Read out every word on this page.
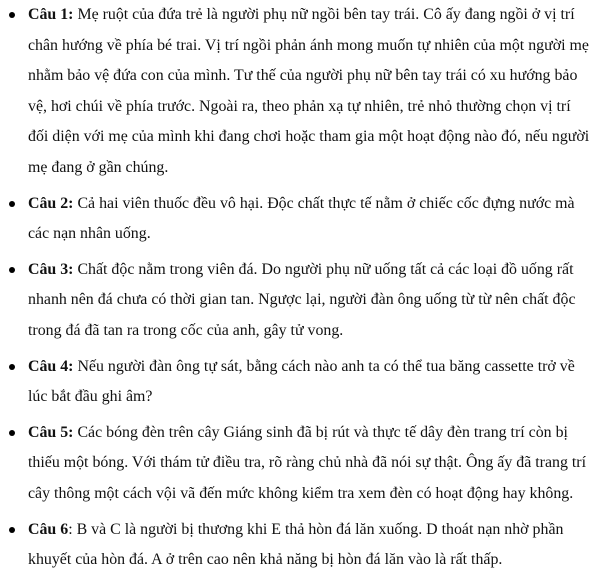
Câu 1: Mẹ ruột của đứa trẻ là người phụ nữ ngồi bên tay trái. Cô ấy đang ngồi ở vị trí chân hướng về phía bé trai. Vị trí ngồi phản ánh mong muốn tự nhiên của một người mẹ nhằm bảo vệ đứa con của mình. Tư thế của người phụ nữ bên tay trái có xu hướng bảo vệ, hơi chúi về phía trước. Ngoài ra, theo phản xạ tự nhiên, trẻ nhỏ thường chọn vị trí đối diện với mẹ của mình khi đang chơi hoặc tham gia một hoạt động nào đó, nếu người mẹ đang ở gần chúng.
Câu 2: Cả hai viên thuốc đều vô hại. Độc chất thực tế nằm ở chiếc cốc đựng nước mà các nạn nhân uống.
Câu 3: Chất độc nằm trong viên đá. Do người phụ nữ uống tất cả các loại đồ uống rất nhanh nên đá chưa có thời gian tan. Ngược lại, người đàn ông uống từ từ nên chất độc trong đá đã tan ra trong cốc của anh, gây tử vong.
Câu 4: Nếu người đàn ông tự sát, bằng cách nào anh ta có thể tua băng cassette trở về lúc bắt đầu ghi âm?
Câu 5: Các bóng đèn trên cây Giáng sinh đã bị rút và thực tế dây đèn trang trí còn bị thiếu một bóng. Với thám tử điều tra, rõ ràng chủ nhà đã nói sự thật. Ông ấy đã trang trí cây thông một cách vội vã đến mức không kiểm tra xem đèn có hoạt động hay không.
Câu 6: B và C là người bị thương khi E thả hòn đá lăn xuống. D thoát nạn nhờ phần khuyết của hòn đá. A ở trên cao nên khả năng bị hòn đá lăn vào là rất thấp.
